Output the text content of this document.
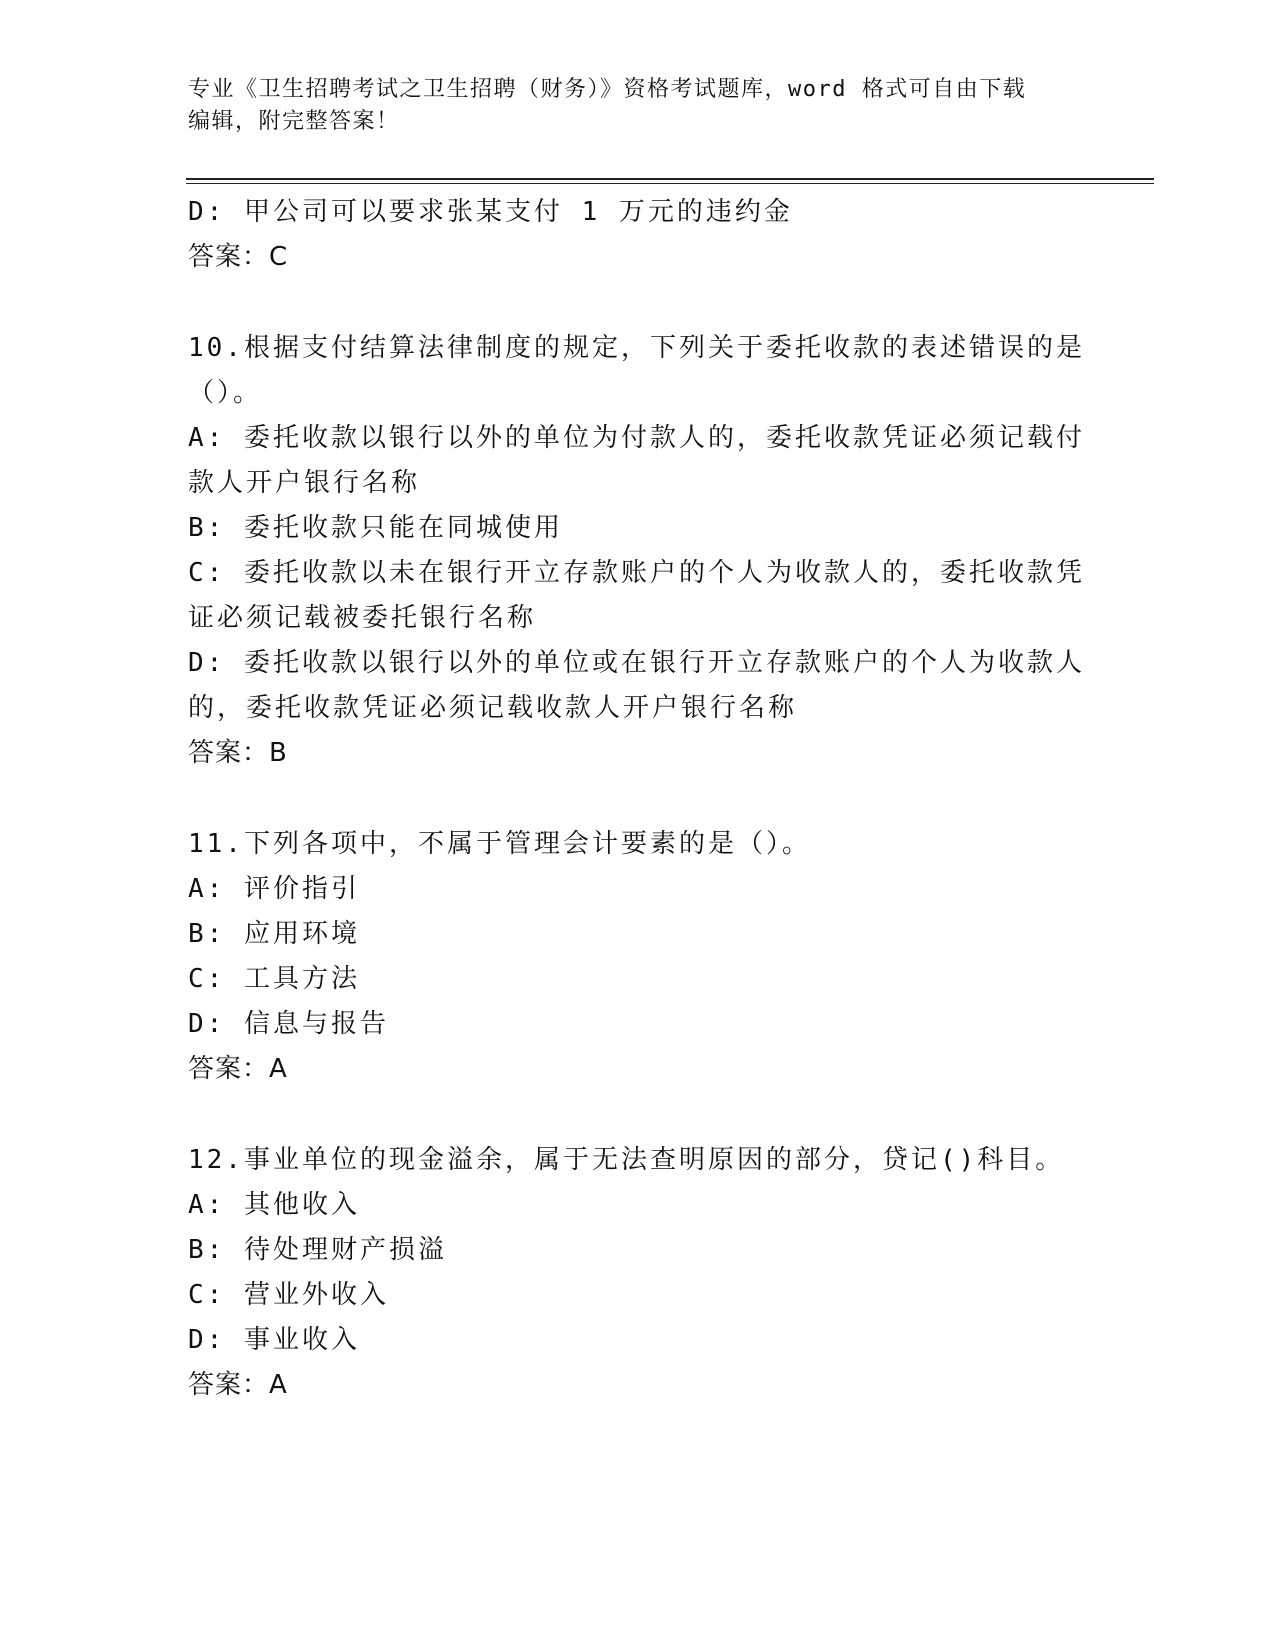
专业《卫生招聘考试之卫生招聘（财务）》资格考试题库，word 格式可自由下载
编辑，附完整答案！
D: 甲公司可以要求张某支付 1 万元的违约金
答案：C
10.根据支付结算法律制度的规定，下列关于委托收款的表述错误的是
（）。
A: 委托收款以银行以外的单位为付款人的，委托收款凭证必须记载付
款人开户银行名称
B: 委托收款只能在同城使用
C: 委托收款以未在银行开立存款账户的个人为收款人的，委托收款凭
证必须记载被委托银行名称
D: 委托收款以银行以外的单位或在银行开立存款账户的个人为收款人
的，委托收款凭证必须记载收款人开户银行名称
答案：B
11.下列各项中，不属于管理会计要素的是（）。
A: 评价指引
B: 应用环境
C: 工具方法
D: 信息与报告
答案：A
12.事业单位的现金溢余，属于无法查明原因的部分，贷记()科目。
A: 其他收入
B: 待处理财产损溢
C: 营业外收入
D: 事业收入
答案：A
